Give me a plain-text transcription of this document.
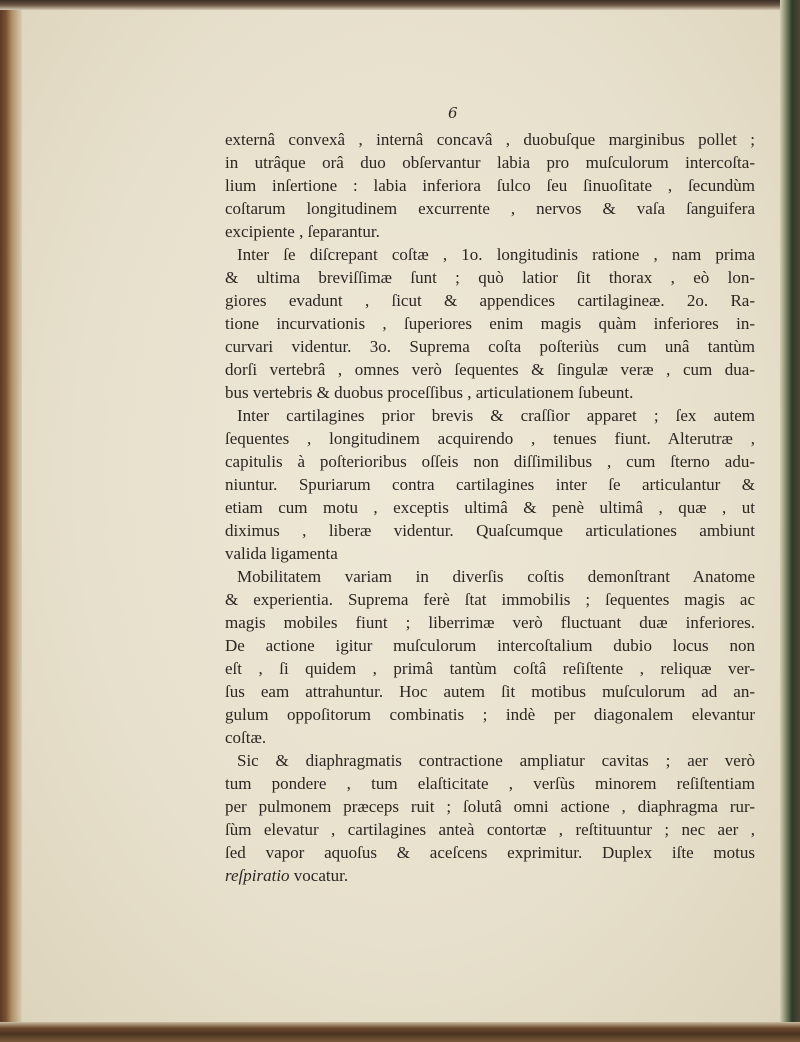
6
externâ convexâ , internâ concavâ , duobuſque marginibus pollet ;
in utrâque orâ duo obſervantur labia pro muſculorum intercoſta-
lium inſertione : labia inferiora ſulco ſeu ſinuoſitate , ſecundùm
coſtarum longitudinem excurrente , nervos & vaſa ſanguifera
excipiente , ſeparantur.
Inter ſe diſcrepant coſtæ , 1o. longitudinis ratione , nam prima
& ultima breviſſimæ ſunt ; quò latior ſit thorax , eò lon-
giores evadunt , ſicut & appendices cartilagineæ. 2o. Ra-
tione incurvationis , ſuperiores enim magis quàm inferiores in-
curvari videntur. 3o. Suprema coſta poſteriùs cum unâ tantùm
dorſi vertebrâ , omnes verò ſequentes & ſingulæ veræ , cum dua-
bus vertebris & duobus proceſſibus , articulationem ſubeunt.
Inter cartilagines prior brevis & craſſior apparet ; ſex autem
ſequentes , longitudinem acquirendo , tenues fiunt. Alterutræ ,
capitulis à poſterioribus oſſeis non diſſimilibus , cum ſterno adu-
niuntur. Spuriarum contra cartilagines inter ſe articulantur &
etiam cum motu , exceptis ultimâ & penè ultimâ , quæ , ut
diximus , liberæ videntur. Quaſcumque articulationes ambiunt
valida ligamenta
Mobilitatem variam in diverſis coſtis demonſtrant Anatome
& experientia. Suprema ferè ſtat immobilis ; ſequentes magis ac
magis mobiles fiunt ; liberrimæ verò fluctuant duæ inferiores.
De actione igitur muſculorum intercoſtalium dubio locus non
eſt , ſi quidem , primâ tantùm coſtâ reſiſtente , reliquæ ver-
ſus eam attrahuntur. Hoc autem ſit motibus muſculorum ad an-
gulum oppoſitorum combinatis ; indè per diagonalem elevantur
coſtæ.
Sic & diaphragmatis contractione ampliatur cavitas ; aer verò
tum pondere , tum elaſticitate , verſùs minorem reſiſtentiam
per pulmonem præceps ruit ; ſolutâ omni actione , diaphragma rur-
ſùm elevatur , cartilagines anteà contortæ , reſtituuntur ; nec aer ,
ſed vapor aquoſus & aceſcens exprimitur. Duplex iſte motus
reſpiratio vocatur.
